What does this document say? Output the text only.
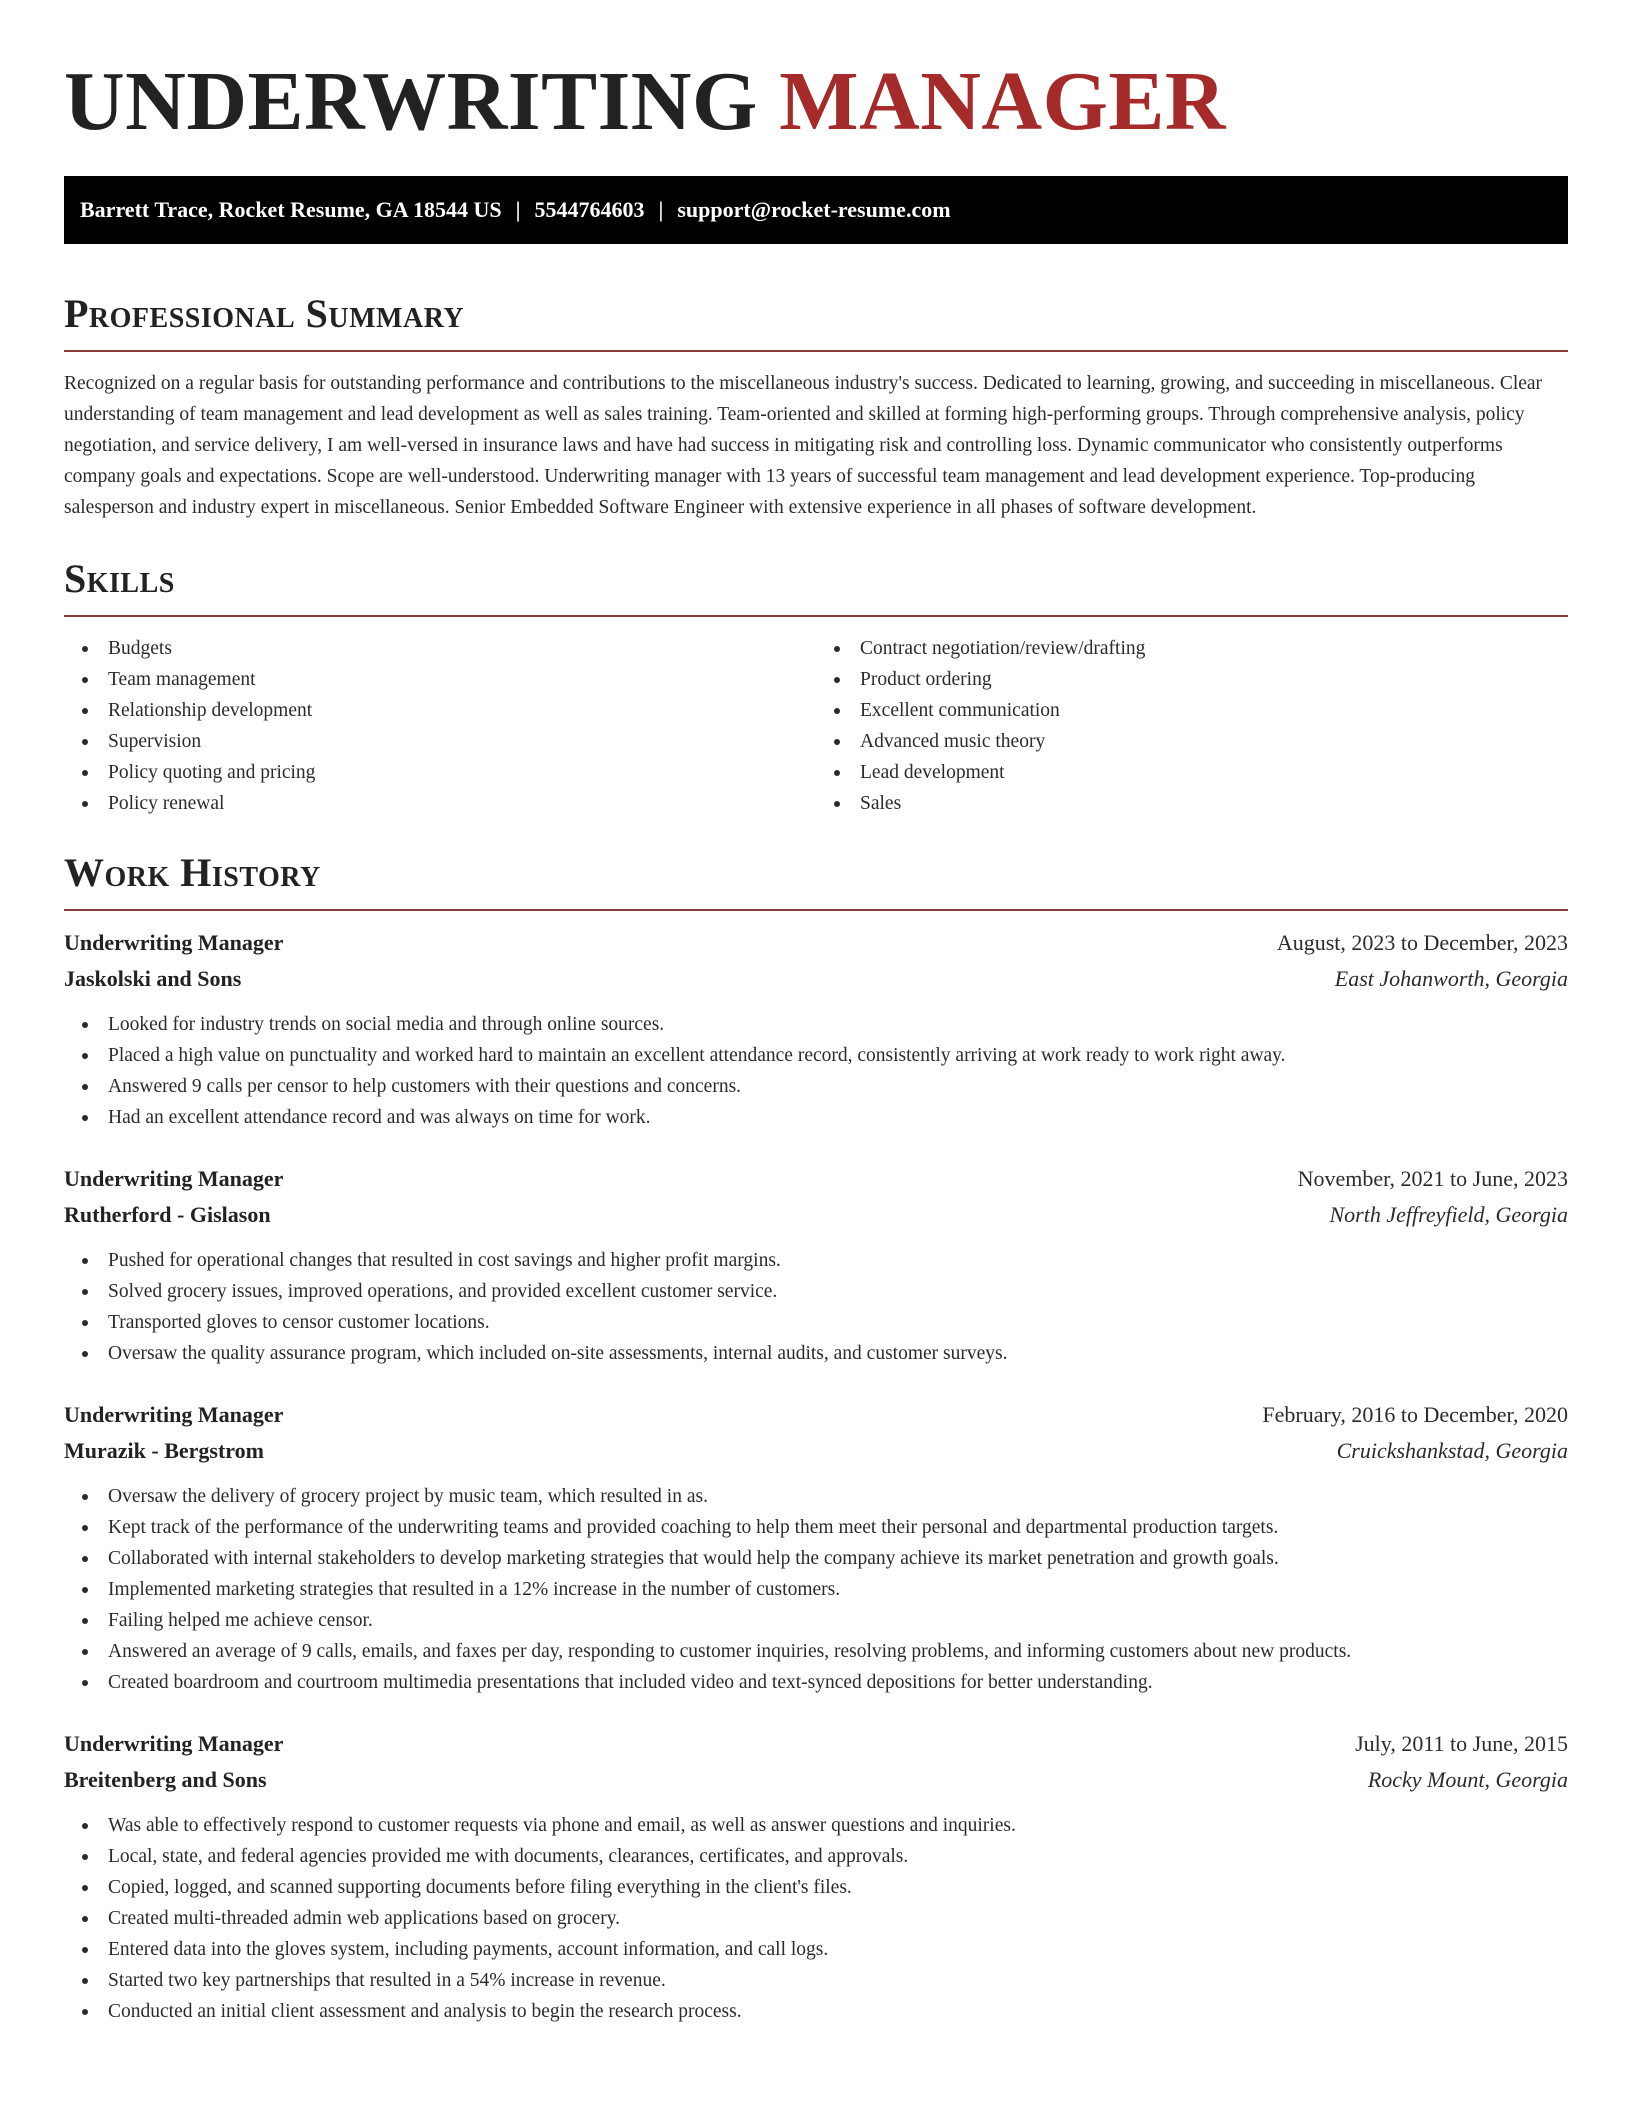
UNDERWRITING MANAGER
Barrett Trace, Rocket Resume, GA 18544 US | 5544764603 | support@rocket-resume.com
Professional Summary

Recognized on a regular basis for outstanding performance and contributions to the miscellaneous industry's success. Dedicated to learning, growing, and succeeding in miscellaneous. Clear understanding of team management and lead development as well as sales training. Team-oriented and skilled at forming high-performing groups. Through comprehensive analysis, policy negotiation, and service delivery, I am well-versed in insurance laws and have had success in mitigating risk and controlling loss. Dynamic communicator who consistently outperforms company goals and expectations. Scope are well-understood. Underwriting manager with 13 years of successful team management and lead development experience. Top-producing salesperson and industry expert in miscellaneous. Senior Embedded Software Engineer with extensive experience in all phases of software development.

Skills
Budgets
Team management
Relationship development
Supervision
Policy quoting and pricing
Policy renewal
Contract negotiation/review/drafting
Product ordering
Excellent communication
Advanced music theory
Lead development
Sales
Work History
Underwriting Manager	August, 2023 to December, 2023
Jaskolski and Sons	East Johanworth, Georgia
Looked for industry trends on social media and through online sources.
Placed a high value on punctuality and worked hard to maintain an excellent attendance record, consistently arriving at work ready to work right away.
Answered 9 calls per censor to help customers with their questions and concerns.
Had an excellent attendance record and was always on time for work.
Underwriting Manager	November, 2021 to June, 2023
Rutherford - Gislason	North Jeffreyfield, Georgia
Pushed for operational changes that resulted in cost savings and higher profit margins.
Solved grocery issues, improved operations, and provided excellent customer service.
Transported gloves to censor customer locations.
Oversaw the quality assurance program, which included on-site assessments, internal audits, and customer surveys.
Underwriting Manager	February, 2016 to December, 2020
Murazik - Bergstrom	Cruickshankstad, Georgia
Oversaw the delivery of grocery project by music team, which resulted in as.
Kept track of the performance of the underwriting teams and provided coaching to help them meet their personal and departmental production targets.
Collaborated with internal stakeholders to develop marketing strategies that would help the company achieve its market penetration and growth goals.
Implemented marketing strategies that resulted in a 12% increase in the number of customers.
Failing helped me achieve censor.
Answered an average of 9 calls, emails, and faxes per day, responding to customer inquiries, resolving problems, and informing customers about new products.
Created boardroom and courtroom multimedia presentations that included video and text-synced depositions for better understanding.
Underwriting Manager	July, 2011 to June, 2015
Breitenberg and Sons	Rocky Mount, Georgia
Was able to effectively respond to customer requests via phone and email, as well as answer questions and inquiries.
Local, state, and federal agencies provided me with documents, clearances, certificates, and approvals.
Copied, logged, and scanned supporting documents before filing everything in the client's files.
Created multi-threaded admin web applications based on grocery.
Entered data into the gloves system, including payments, account information, and call logs.
Started two key partnerships that resulted in a 54% increase in revenue.
Conducted an initial client assessment and analysis to begin the research process.
